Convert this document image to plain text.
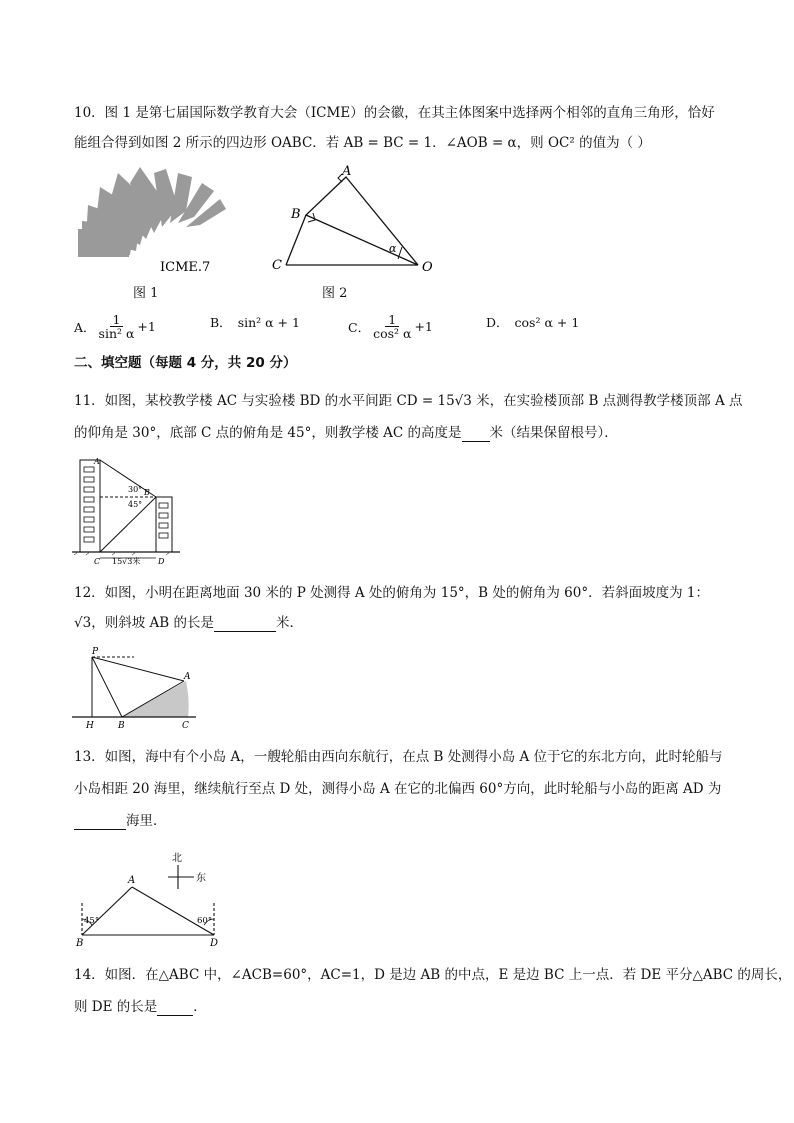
10．图 1 是第七届国际数学教育大会（ICME）的会徽，在其主体图案中选择两个相邻的直角三角形，恰好
能组合得到如图 2 所示的四边形 OABC．若 AB = BC = 1．∠AOB = α，则 OC² 的值为（ ）
ICME.7
图 1
A
B
C	O
α
图 2
A． $\frac{1}{\text{sin² α}} +1$	B． sin² α + 1	C． $\frac{1}{\text{cos² α}} +1$	D． cos² α + 1
二、填空题（每题 4 分，共 20 分）
11．如图，某校教学楼 AC 与实验楼 BD 的水平间距 CD = 15√3 米，在实验楼顶部 B 点测得教学楼顶部 A 点
的仰角是 30°，底部 C 点的俯角是 45°，则教学楼 AC 的高度是 米（结果保留根号）．
A
B
C	D
30°
45°
15√3米
12．如图，小明在距离地面 30 米的 P 处测得 A 处的俯角为 15°，B 处的俯角为 60°．若斜面坡度为 1：
√3，则斜坡 AB 的长是	米．
P
A
B
H	C
13．如图，海中有个小岛 A，一艘轮船由西向东航行，在点 B 处测得小岛 A 位于它的东北方向，此时轮船与
小岛相距 20 海里，继续航行至点 D 处，测得小岛 A 在它的北偏西 60°方向，此时轮船与小岛的距离 AD 为
海里．
A
B	D
北
东
45°	60°
14．如图．在△ABC 中，∠ACB=60°，AC=1，D 是边 AB 的中点，E 是边 BC 上一点．若 DE 平分△ABC 的周长，
则 DE 的长是	．
